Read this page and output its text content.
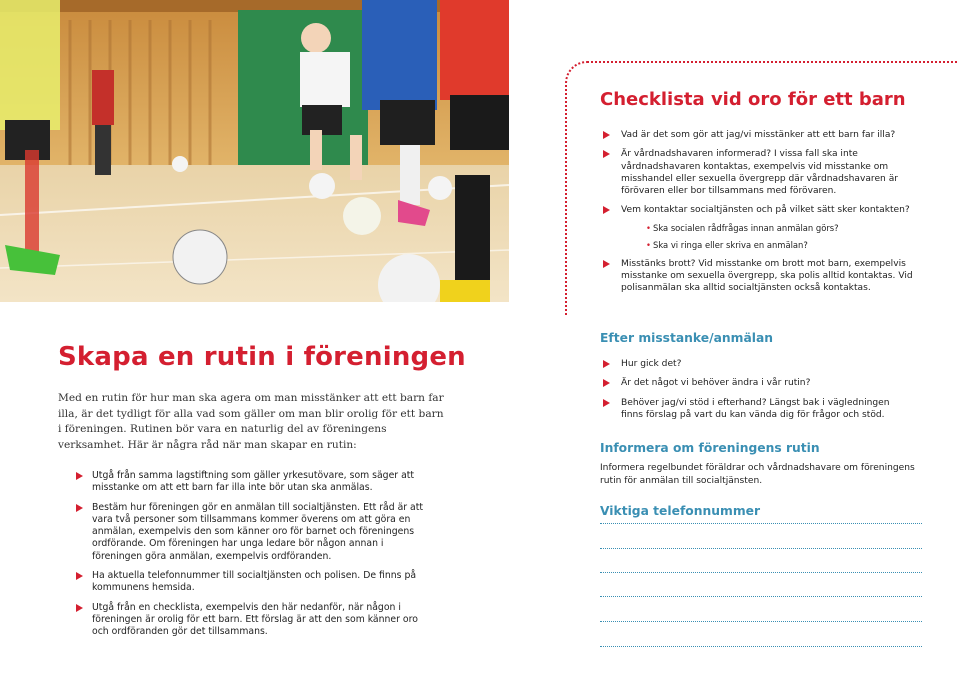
Skapa en rutin i föreningen

Med en rutin för hur man ska agera om man misstänker att ett barn far illa, är det tydligt för alla vad som gäller om man blir orolig för ett barn i föreningen. Rutinen bör vara en naturlig del av föreningens verksamhet. Här är några råd när man skapar en rutin:

Utgå från samma lagstiftning som gäller yrkesutövare, som säger att misstanke om att ett barn far illa inte bör utan ska anmälas.
Bestäm hur föreningen gör en anmälan till socialtjänsten. Ett råd är att vara två personer som tillsammans kommer överens om att göra en anmälan, exempelvis den som känner oro för barnet och föreningens ordförande. Om föreningen har unga ledare bör någon annan i föreningen göra anmälan, exempelvis ordföranden.
Ha aktuella telefonnummer till socialtjänsten och polisen. De finns på kommunens hemsida.
Utgå från en checklista, exempelvis den här nedanför, när någon i föreningen är orolig för ett barn. Ett förslag är att den som känner oro och ordföranden gör det tillsammans.
Checklista vid oro för ett barn
Vad är det som gör att jag/vi misstänker att ett barn far illa?
Är vårdnadshavaren informerad? I vissa fall ska inte vårdnadshavaren kontaktas, exempelvis vid misstanke om misshandel eller sexuella övergrepp där vårdnadshavaren är förövaren eller bor tillsammans med förövaren.
Vem kontaktar socialtjänsten och på vilket sätt sker kontakten?
• Ska socialen rådfrågas innan anmälan görs?
• Ska vi ringa eller skriva en anmälan?
Misstänks brott? Vid misstanke om brott mot barn, exempelvis misstanke om sexuella övergrepp, ska polis alltid kontaktas. Vid polisanmälan ska alltid socialtjänsten också kontaktas.
Efter misstanke/anmälan
Hur gick det?
Är det något vi behöver ändra i vår rutin?
Behöver jag/vi stöd i efterhand? Längst bak i vägledningen finns förslag på vart du kan vända dig för frågor och stöd.
Informera om föreningens rutin

Informera regelbundet föräldrar och vårdnadshavare om föreningens rutin för anmälan till socialtjänsten.

Viktiga telefonnummer
